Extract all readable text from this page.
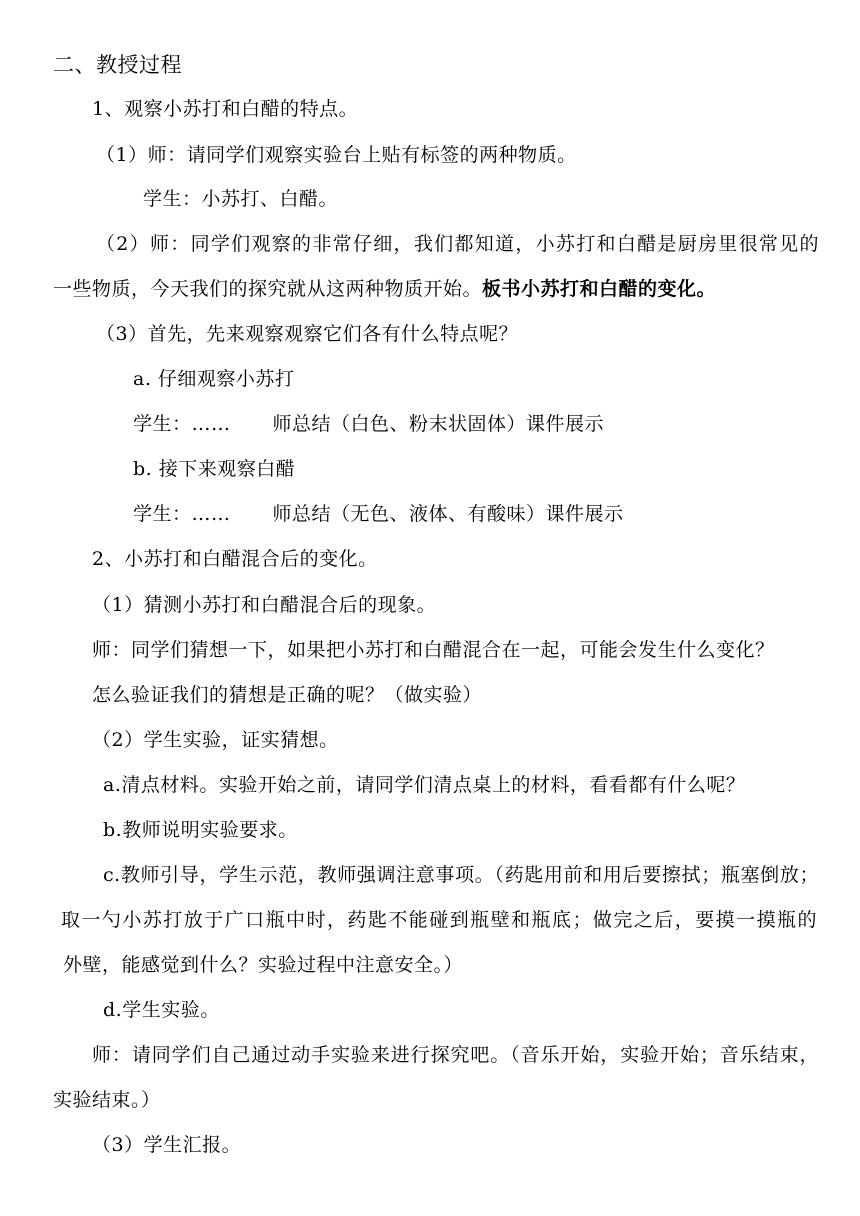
二、教授过程
1、观察小苏打和白醋的特点。
（1）师：请同学们观察实验台上贴有标签的两种物质。
学生：小苏打、白醋。
（2）师：同学们观察的非常仔细，我们都知道，小苏打和白醋是厨房里很常见的
一些物质，今天我们的探究就从这两种物质开始。板书小苏打和白醋的变化。
（3）首先，先来观察观察它们各有什么特点呢？
a. 仔细观察小苏打
学生：…… 师总结（白色、粉末状固体）课件展示
b. 接下来观察白醋
学生：…… 师总结（无色、液体、有酸味）课件展示
2、小苏打和白醋混合后的变化。
（1）猜测小苏打和白醋混合后的现象。
师：同学们猜想一下，如果把小苏打和白醋混合在一起，可能会发生什么变化？
怎么验证我们的猜想是正确的呢？（做实验）
（2）学生实验，证实猜想。
a.清点材料。实验开始之前，请同学们清点桌上的材料，看看都有什么呢？
b.教师说明实验要求。
c.教师引导，学生示范，教师强调注意事项。（药匙用前和用后要擦拭；瓶塞倒放；
取一勺小苏打放于广口瓶中时，药匙不能碰到瓶壁和瓶底；做完之后，要摸一摸瓶的
外壁，能感觉到什么？实验过程中注意安全。）
d.学生实验。
师：请同学们自己通过动手实验来进行探究吧。（音乐开始，实验开始；音乐结束，
实验结束。）
（3）学生汇报。
